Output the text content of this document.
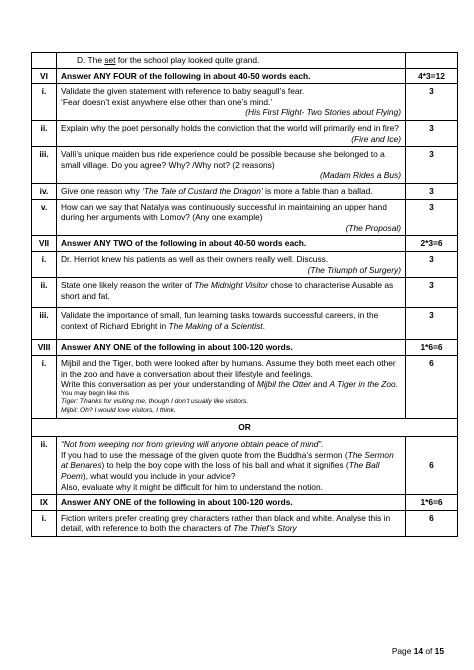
	D. The set for the school play looked quite grand.	
VI	Answer ANY FOUR of the following in about 40-50 words each.	4*3=12
i.	Validate the given statement with reference to baby seagull’s fear.
‘Fear doesn’t exist anywhere else other than one’s mind.’
(His First Flight- Two Stories about Flying)	3
ii.	Explain why the poet personally holds the conviction that the world will primarily end in fire?
(Fire and Ice)	3
iii.	Valli’s unique maiden bus ride experience could be possible because she belonged to a small village. Do you agree? Why? /Why not? (2 reasons)
(Madam Rides a Bus)	3
iv.	Give one reason why ‘The Tale of Custard the Dragon’ is more a fable than a ballad.	3
v.	How can we say that Natalya was continuously successful in maintaining an upper hand during her arguments with Lomov? (Any one example)
(The Proposal)	3
VII	Answer ANY TWO of the following in about 40-50 words each.	2*3=6
i.	Dr. Herriot knew his patients as well as their owners really well. Discuss.
(The Triumph of Surgery)	3
ii.	State one likely reason the writer of The Midnight Visitor chose to characterise Ausable as short and fat.	3
iii.	Validate the importance of small, fun learning tasks towards successful careers, in the context of Richard Ebright in The Making of a Scientist.	3
VIII	Answer ANY ONE of the following in about 100-120 words.	1*6=6
i.	Mijbil and the Tiger, both were looked after by humans. Assume they both meet each other in the zoo and have a conversation about their lifestyle and feelings.
Write this conversation as per your understanding of Mijbil the Otter and A Tiger in the Zoo.
You may begin like this
Tiger: Thanks for visiting me, though I don’t usually like visitors.
Mijbil: Oh? I would love visitors, I think.	6
OR		
ii.	“Not from weeping nor from grieving will anyone obtain peace of mind”.
If you had to use the message of the given quote from the Buddha’s sermon (The Sermon at Benares) to help the boy cope with the loss of his ball and what it signifies (The Ball Poem), what would you include in your advice?
Also, evaluate why it might be difficult for him to understand the notion.	6
IX	Answer ANY ONE of the following in about 100-120 words.	1*6=6
i.	Fiction writers prefer creating grey characters rather than black and white. Analyse this in detail, with reference to both the characters of The Thief’s Story	6
Page 14 of 15
